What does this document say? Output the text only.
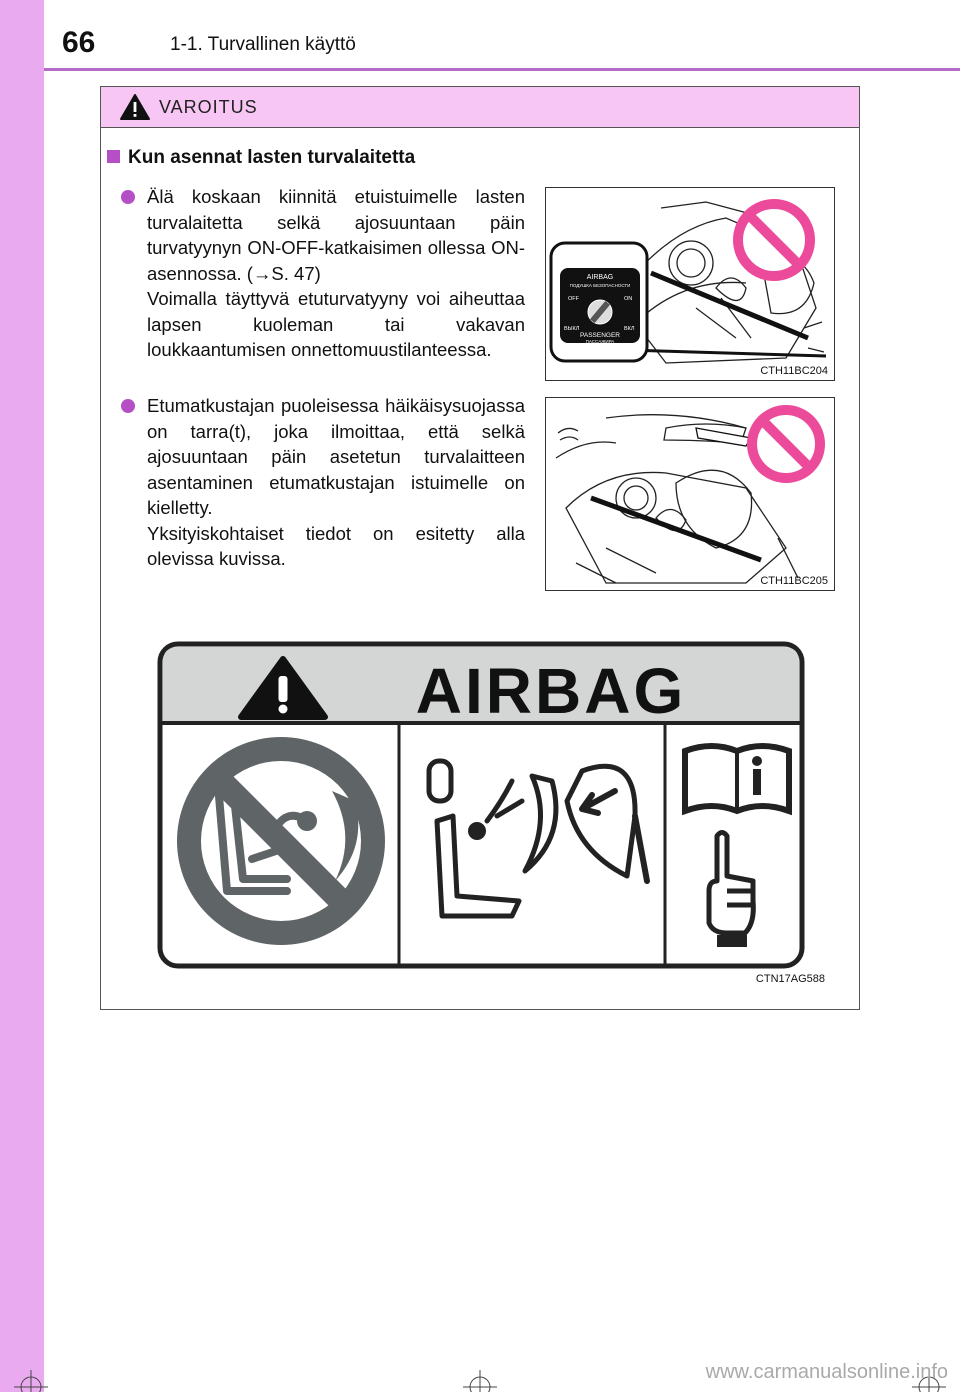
66	1-1. Turvallinen käyttö
VAROITUS
Kun asennat lasten turvalaitetta

Älä koskaan kiinnitä etuistuimelle lasten turvalaitetta selkä ajosuuntaan päin turvatyynyn ON-OFF-katkaisimen ollessa ON-asennossa. (→S. 47)

Voimalla täyttyvä etuturvatyyny voi aiheuttaa lapsen kuoleman tai vakavan loukkaantumisen onnettomuustilanteessa.

Etumatkustajan puoleisessa häikäisysuojassa on tarra(t), joka ilmoittaa, että selkä ajosuuntaan päin asetetun turvalaitteen asentaminen etumatkustajan istuimelle on kielletty.

Yksityiskohtaiset tiedot on esitetty alla olevissa kuvissa.

AIRBAG
ПОДУШКА БЕЗОПАСНОСТИ
OFF	ON
ВЫКЛ	ВКЛ
PASSENGER
ПАССАЖИРА
CTH11BC204
CTH11BC205
AIRBAG
CTN17AG588
www.carmanualsonline.info
